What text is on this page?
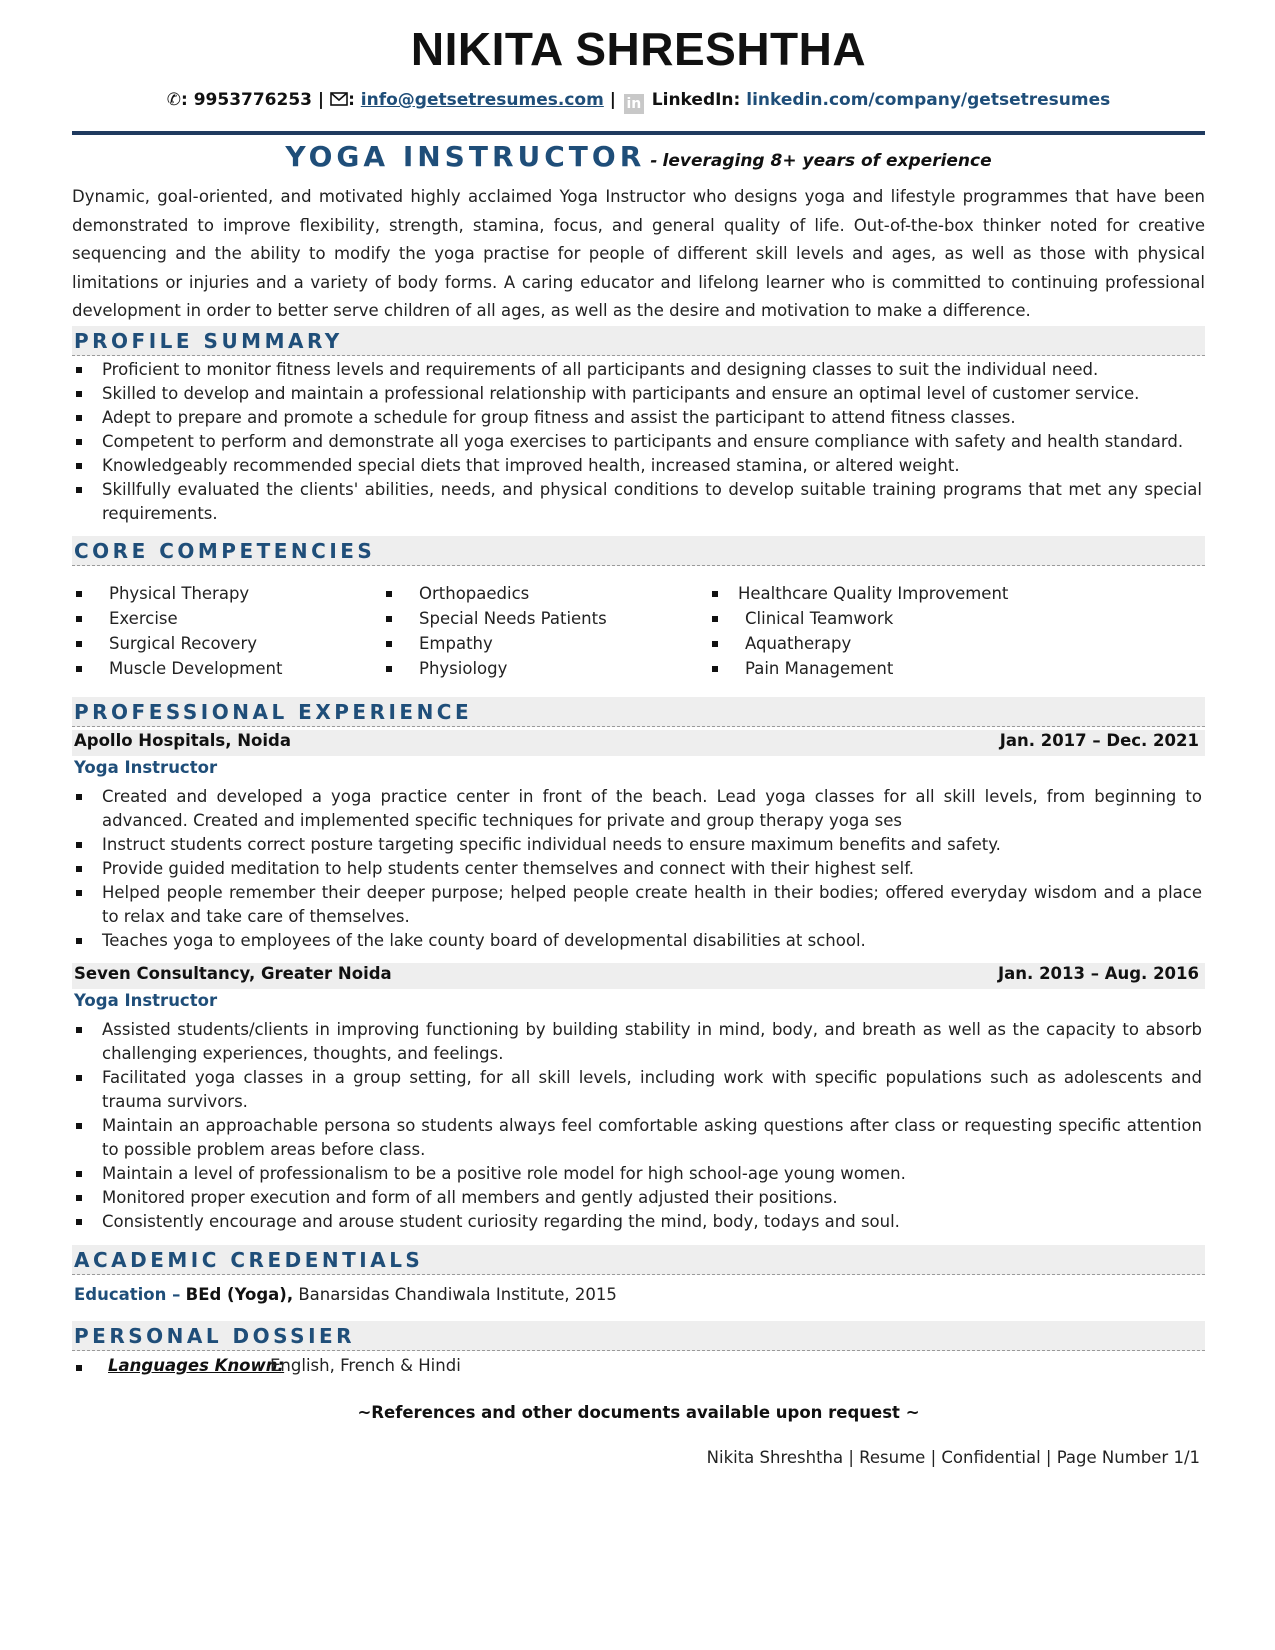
NIKITA SHRESHTHA
✆: 9953776253 | : info@getsetresumes.com | in LinkedIn: linkedin.com/company/getsetresumes
YOGA INSTRUCTOR - leveraging 8+ years of experience

Dynamic, goal-oriented, and motivated highly acclaimed Yoga Instructor who designs yoga and lifestyle programmes that have been demonstrated to improve flexibility, strength, stamina, focus, and general quality of life. Out-of-the-box thinker noted for creative sequencing and the ability to modify the yoga practise for people of different skill levels and ages, as well as those with physical limitations or injuries and a variety of body forms. A caring educator and lifelong learner who is committed to continuing professional development in order to better serve children of all ages, as well as the desire and motivation to make a difference.

PROFILE SUMMARY
Proficient to monitor fitness levels and requirements of all participants and designing classes to suit the individual need.
Skilled to develop and maintain a professional relationship with participants and ensure an optimal level of customer service.
Adept to prepare and promote a schedule for group fitness and assist the participant to attend fitness classes.
Competent to perform and demonstrate all yoga exercises to participants and ensure compliance with safety and health standard.
Knowledgeably recommended special diets that improved health, increased stamina, or altered weight.
Skillfully evaluated the clients' abilities, needs, and physical conditions to develop suitable training programs that met any special requirements.
CORE COMPETENCIES
Physical Therapy
Exercise
Surgical Recovery
Muscle Development
Orthopaedics
Special Needs Patients
Empathy
Physiology
Healthcare Quality Improvement
Clinical Teamwork
Aquatherapy
Pain Management
PROFESSIONAL EXPERIENCE
Apollo Hospitals, Noida	Jan. 2017 – Dec. 2021
Yoga Instructor
Created and developed a yoga practice center in front of the beach. Lead yoga classes for all skill levels, from beginning to advanced. Created and implemented specific techniques for private and group therapy yoga ses
Instruct students correct posture targeting specific individual needs to ensure maximum benefits and safety.
Provide guided meditation to help students center themselves and connect with their highest self.
Helped people remember their deeper purpose; helped people create health in their bodies; offered everyday wisdom and a place to relax and take care of themselves.
Teaches yoga to employees of the lake county board of developmental disabilities at school.
Seven Consultancy, Greater Noida	Jan. 2013 – Aug. 2016
Yoga Instructor
Assisted students/clients in improving functioning by building stability in mind, body, and breath as well as the capacity to absorb challenging experiences, thoughts, and feelings.
Facilitated yoga classes in a group setting, for all skill levels, including work with specific populations such as adolescents and trauma survivors.
Maintain an approachable persona so students always feel comfortable asking questions after class or requesting specific attention to possible problem areas before class.
Maintain a level of professionalism to be a positive role model for high school-age young women.
Monitored proper execution and form of all members and gently adjusted their positions.
Consistently encourage and arouse student curiosity regarding the mind, body, todays and soul.
ACADEMIC CREDENTIALS
Education – BEd (Yoga), Banarsidas Chandiwala Institute, 2015
PERSONAL DOSSIER
Languages Known:
English, French & Hindi
~References and other documents available upon request ~
Nikita Shreshtha | Resume | Confidential | Page Number 1/1
